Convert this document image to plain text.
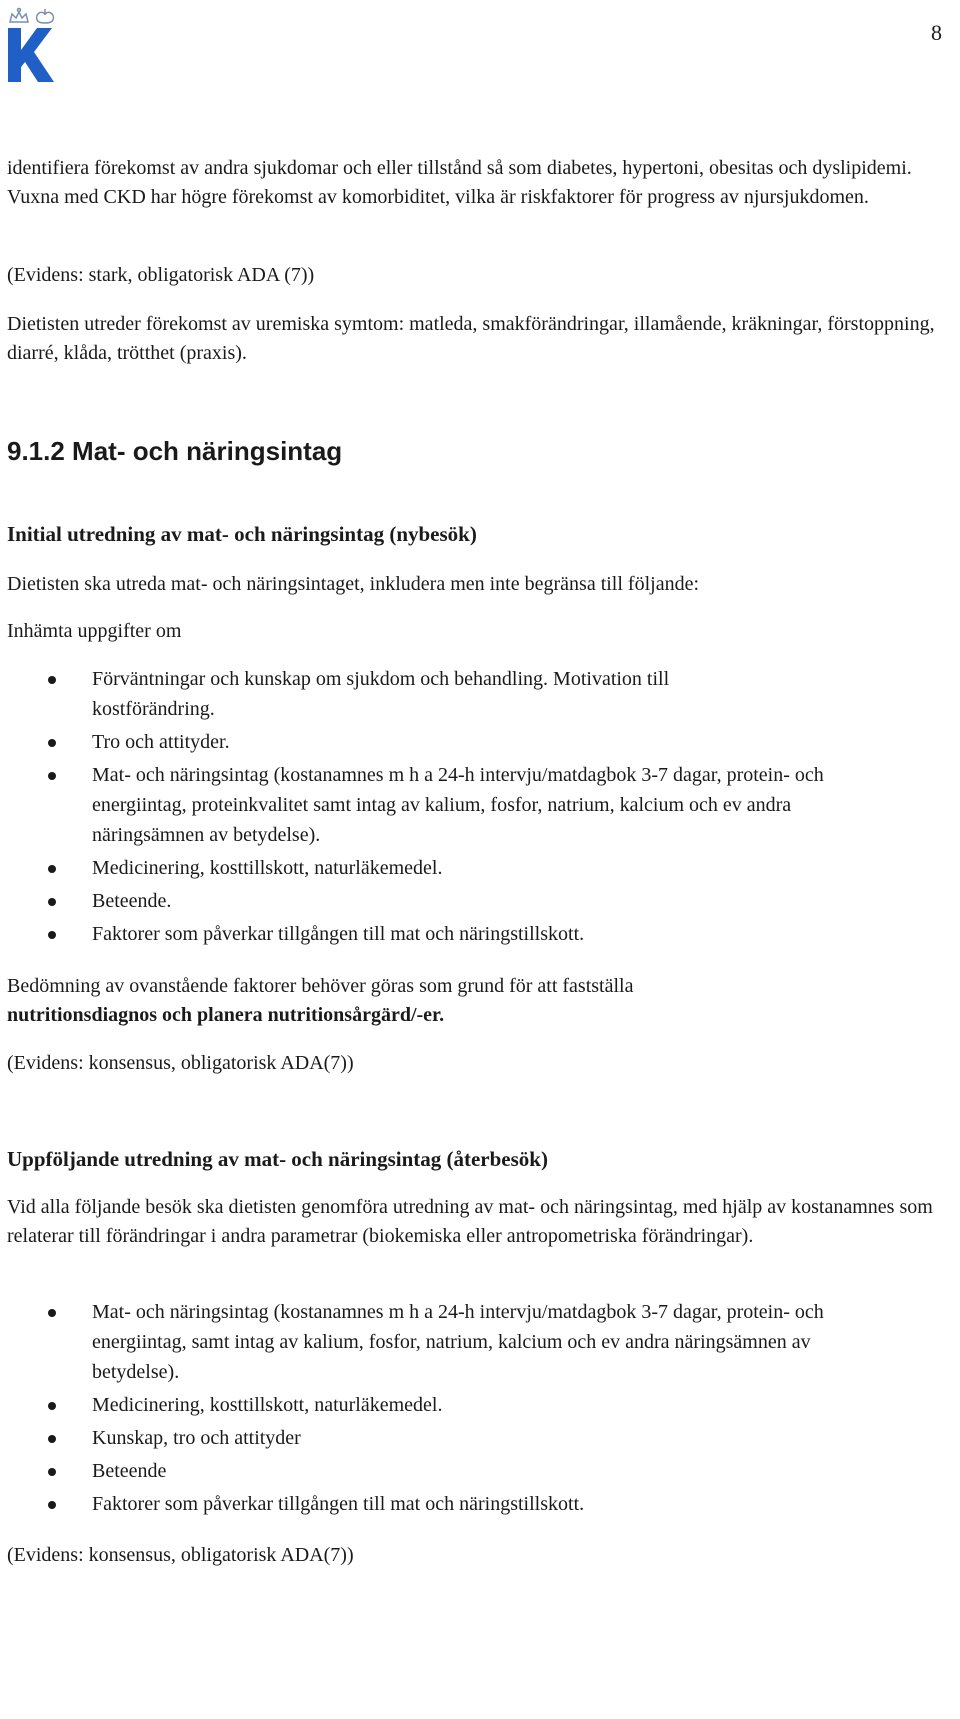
8

identifiera förekomst av andra sjukdomar och eller tillstånd så som diabetes, hypertoni, obesitas och dyslipidemi. Vuxna med CKD har högre förekomst av komorbiditet, vilka är riskfaktorer för progress av njursjukdomen.

(Evidens: stark, obligatorisk ADA (7))

Dietisten utreder förekomst av uremiska symtom: matleda, smakförändringar, illamående, kräkningar, förstoppning, diarré, klåda, trötthet (praxis).

9.1.2 Mat- och näringsintag
Initial utredning av mat- och näringsintag (nybesök)

Dietisten ska utreda mat- och näringsintaget, inkludera men inte begränsa till följande:

Inhämta uppgifter om

Förväntningar och kunskap om sjukdom och behandling. Motivation till kostförändring.
Tro och attityder.
Mat- och näringsintag (kostanamnes m h a 24-h intervju/matdagbok 3-7 dagar, protein- och energiintag, proteinkvalitet samt intag av kalium, fosfor, natrium, kalcium och ev andra näringsämnen av betydelse).
Medicinering, kosttillskott, naturläkemedel.
Beteende.
Faktorer som påverkar tillgången till mat och näringstillskott.

Bedömning av ovanstående faktorer behöver göras som grund för att fastställa
nutritionsdiagnos och planera nutritionsårgärd/-er.

(Evidens: konsensus, obligatorisk ADA(7))

Uppföljande utredning av mat- och näringsintag (återbesök)

Vid alla följande besök ska dietisten genomföra utredning av mat- och näringsintag, med hjälp av kostanamnes som relaterar till förändringar i andra parametrar (biokemiska eller antropometriska förändringar).

Mat- och näringsintag (kostanamnes m h a 24-h intervju/matdagbok 3-7 dagar, protein- och energiintag, samt intag av kalium, fosfor, natrium, kalcium och ev andra näringsämnen av betydelse).
Medicinering, kosttillskott, naturläkemedel.
Kunskap, tro och attityder
Beteende
Faktorer som påverkar tillgången till mat och näringstillskott.

(Evidens: konsensus, obligatorisk ADA(7))
